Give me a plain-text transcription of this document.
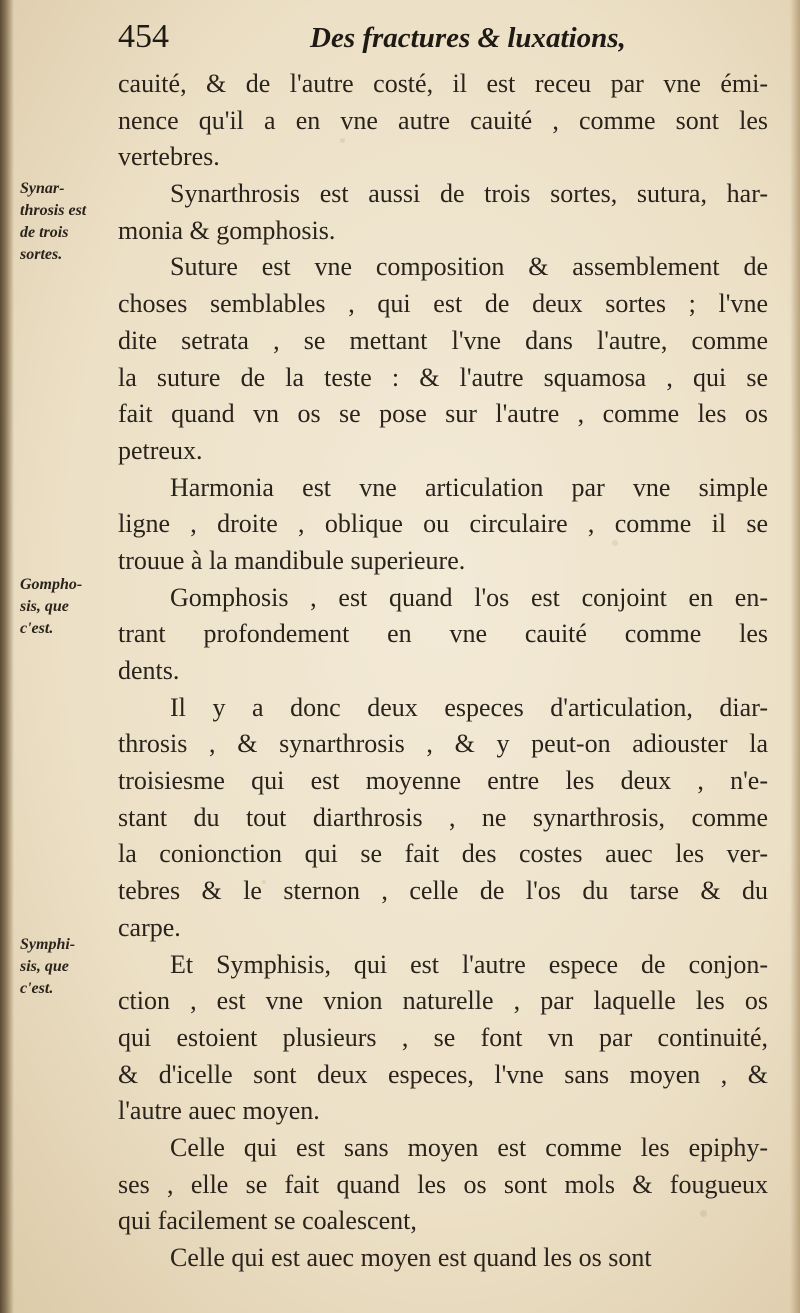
454	Des fractures & luxations,
cauité, & de l'autre costé, il est receu par vne émi-
nence qu'il a en vne autre cauité , comme sont les
vertebres.
Synarthrosis est aussi de trois sortes, sutura, har-
monia & gomphosis.
Suture est vne composition & assemblement de
choses semblables , qui est de deux sortes ; l'vne
dite setrata , se mettant l'vne dans l'autre, comme
la suture de la teste : & l'autre squamosa , qui se
fait quand vn os se pose sur l'autre , comme les os
petreux.
Harmonia est vne articulation par vne simple
ligne , droite , oblique ou circulaire , comme il se
trouue à la mandibule superieure.
Gomphosis , est quand l'os est conjoint en en-
trant profondement en vne cauité comme les
dents.
Il y a donc deux especes d'articulation, diar-
throsis , & synarthrosis , & y peut-on adiouster la
troisiesme qui est moyenne entre les deux , n'e-
stant du tout diarthrosis , ne synarthrosis, comme
la conionction qui se fait des costes auec les ver-
tebres & le sternon , celle de l'os du tarse & du
carpe.
Et Symphisis, qui est l'autre espece de conjon-
ction , est vne vnion naturelle , par laquelle les os
qui estoient plusieurs , se font vn par continuité,
& d'icelle sont deux especes, l'vne sans moyen , &
l'autre auec moyen.
Celle qui est sans moyen est comme les epiphy-
ses , elle se fait quand les os sont mols & fougueux
qui facilement se coalescent,
Celle qui est auec moyen est quand les os sont
Synar-
throsis est
de trois
sortes.
Gompho-
sis, que
c'est.
Symphi-
sis, que
c'est.
